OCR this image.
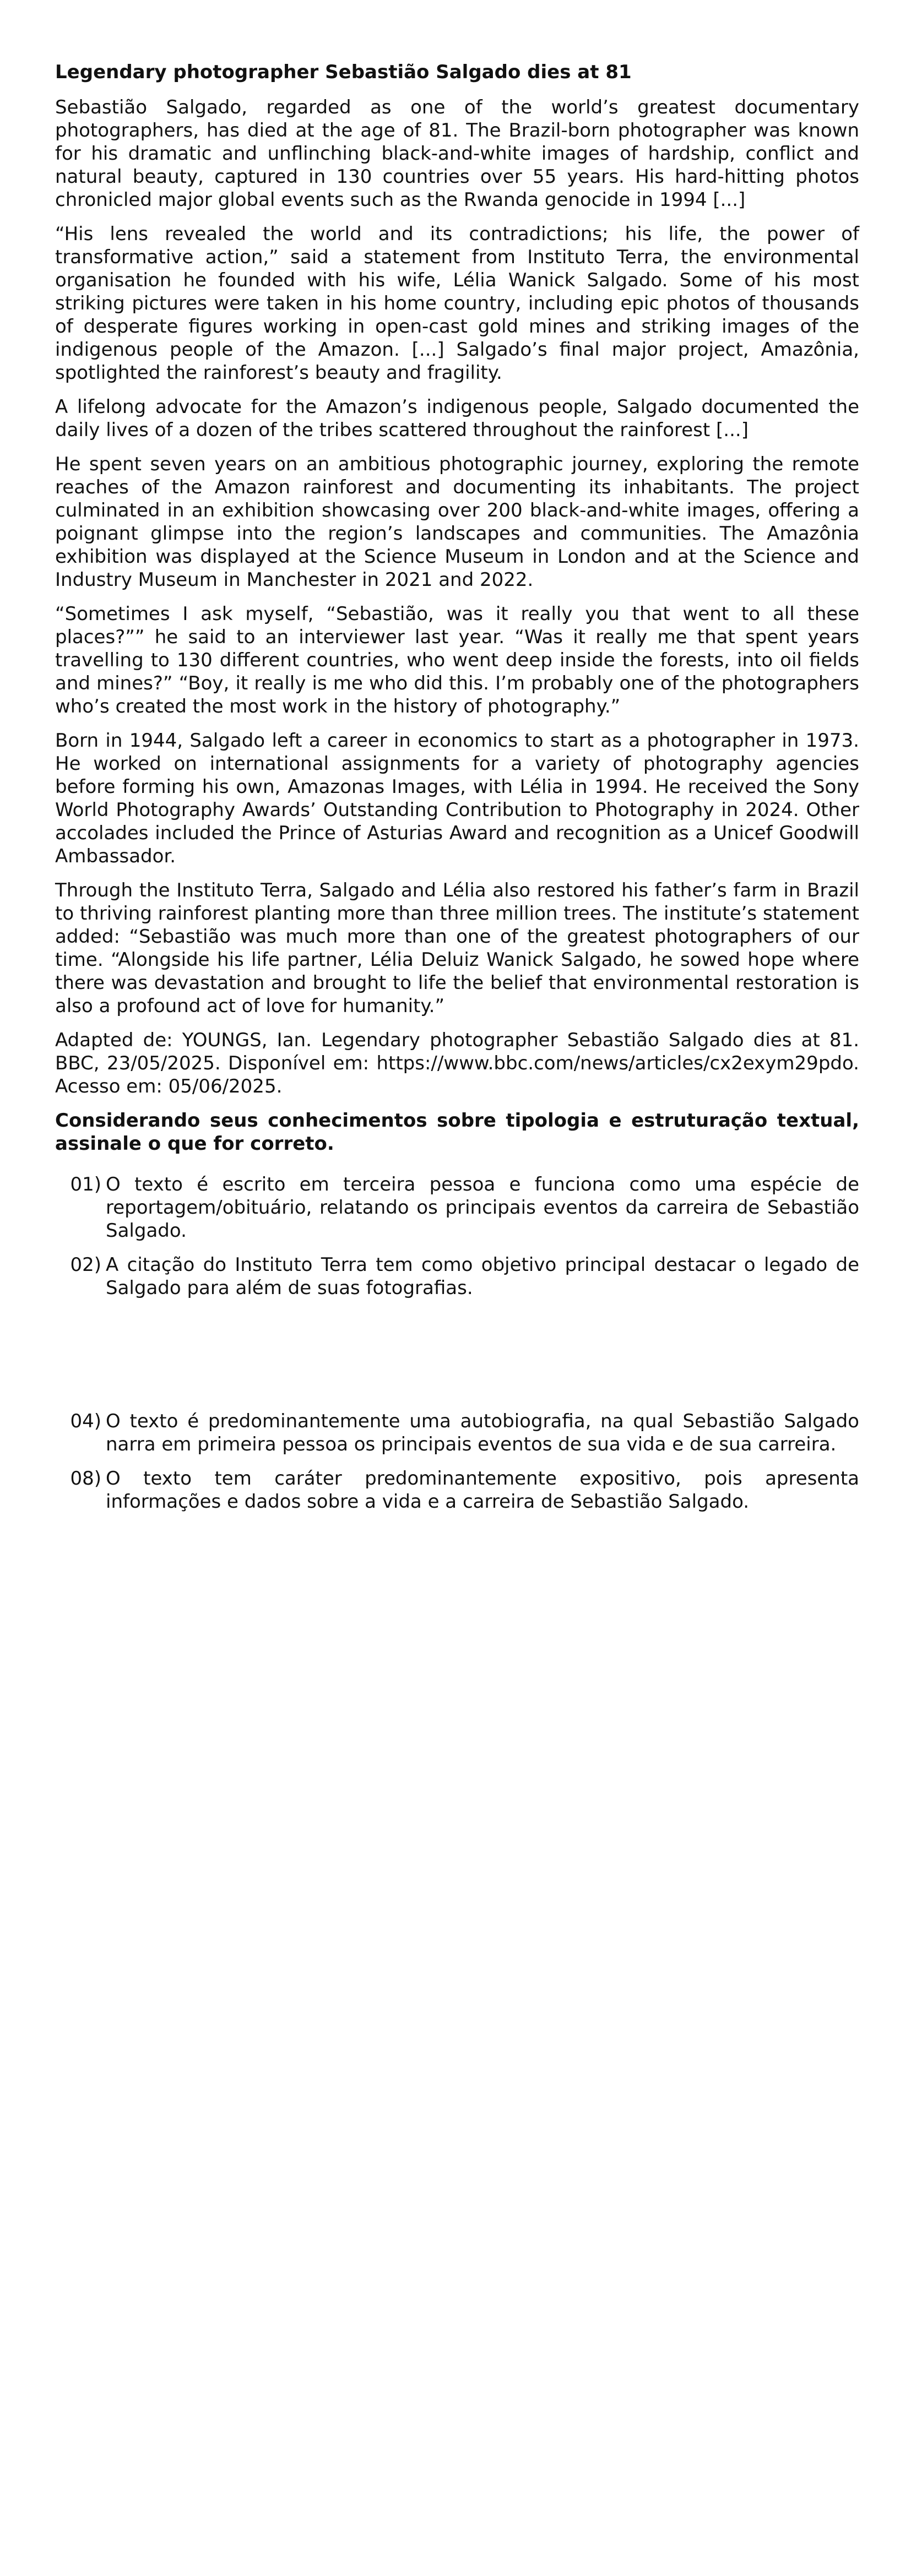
Legendary photographer Sebastião Salgado dies at 81

Sebastião Salgado, regarded as one of the world’s greatest documentary photographers, has died at the age of 81. The Brazil-born photographer was known for his dramatic and unflinching black-and-white images of hardship, conflict and natural beauty, captured in 130 countries over 55 years. His hard-hitting photos chronicled major global events such as the Rwanda genocide in 1994 [...]

“His lens revealed the world and its contradictions; his life, the power of transformative action,” said a statement from Instituto Terra, the environmental organisation he founded with his wife, Lélia Wanick Salgado. Some of his most striking pictures were taken in his home country, including epic photos of thousands of desperate figures working in open-cast gold mines and striking images of the indigenous people of the Amazon. [...] Salgado’s final major project, Amazônia, spotlighted the rainforest’s beauty and fragility.

A lifelong advocate for the Amazon’s indigenous people, Salgado documented the daily lives of a dozen of the tribes scattered throughout the rainforest [...]

He spent seven years on an ambitious photographic journey, exploring the remote reaches of the Amazon rainforest and documenting its inhabitants. The project culminated in an exhibition showcasing over 200 black-and-white images, offering a poignant glimpse into the region’s landscapes and communities. The Amazônia exhibition was displayed at the Science Museum in London and at the Science and Industry Museum in Manchester in 2021 and 2022.

“Sometimes I ask myself, “Sebastião, was it really you that went to all these places?”” he said to an interviewer last year. “Was it really me that spent years travelling to 130 different countries, who went deep inside the forests, into oil fields and mines?” “Boy, it really is me who did this. I’m probably one of the photographers who’s created the most work in the history of photography.”

Born in 1944, Salgado left a career in economics to start as a photographer in 1973. He worked on international assignments for a variety of photography agencies before forming his own, Amazonas Images, with Lélia in 1994. He received the Sony World Photography Awards’ Outstanding Contribution to Photography in 2024. Other accolades included the Prince of Asturias Award and recognition as a Unicef Goodwill Ambassador.

Through the Instituto Terra, Salgado and Lélia also restored his father’s farm in Brazil to thriving rainforest planting more than three million trees. The institute’s statement added: “Sebastião was much more than one of the greatest photographers of our time. “Alongside his life partner, Lélia Deluiz Wanick Salgado, he sowed hope where there was devastation and brought to life the belief that environmental restoration is also a profound act of love for humanity.”

Adapted de: YOUNGS, Ian. Legendary photographer Sebastião Salgado dies at 81. BBC, 23/05/2025. Disponível em: https://www.bbc.com/news/articles/cx2exym29pdo. Acesso em: 05/06/2025.

Considerando seus conhecimentos sobre tipologia e estruturação textual, assinale o que for correto.

01) O texto é escrito em terceira pessoa e funciona como uma espécie de reportagem/obituário, relatando os principais eventos da carreira de Sebastião Salgado.
02) A citação do Instituto Terra tem como objetivo principal destacar o legado de Salgado para além de suas fotografias.
04) O texto é predominantemente uma autobiografia, na qual Sebastião Salgado narra em primeira pessoa os principais eventos de sua vida e de sua carreira.
08) O texto tem caráter predominantemente expositivo, pois apresenta informações e dados sobre a vida e a carreira de Sebastião Salgado.
